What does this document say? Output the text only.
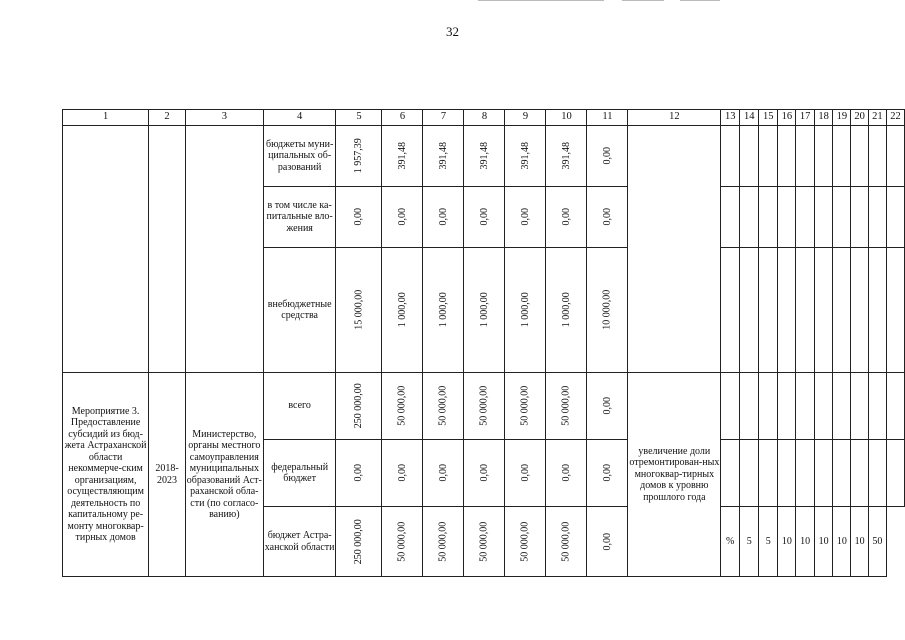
32
1	2	3	4	5	6	7	8	9	10	11	12	13	14	15	16	17	18	19	20	21	22
			бюджеты муни-ципальных об-разований	1 957,39	391,48	391,48	391,48	391,48	391,48	0,00											
			в том числе ка-питальные вло-жения	0,00	0,00	0,00	0,00	0,00	0,00	0,00											
			внебюджетные средства	15 000,00	1 000,00	1 000,00	1 000,00	1 000,00	1 000,00	10 000,00											
Мероприятие 3. Предоставление субсидий из бюд-жета Астраханской области некоммерче-ским организациям, осуществляющим деятельность по капитальному ре-монту многоквар-тирных домов	2018-2023	Министерство, органы местного самоуправления муниципальных образований Аст-раханской обла-сти (по согласо-ванию)	всего	250 000,00	50 000,00	50 000,00	50 000,00	50 000,00	50 000,00	0,00	увеличение доли отремонтирован-ных многоквар-тирных домов к уровню прошлого года										
			федеральный бюджет	0,00	0,00	0,00	0,00	0,00	0,00	0,00											
			бюджет Астра-ханской области	250 000,00	50 000,00	50 000,00	50 000,00	50 000,00	50 000,00	0,00		%	5	5	10	10	10	10	10	50	
